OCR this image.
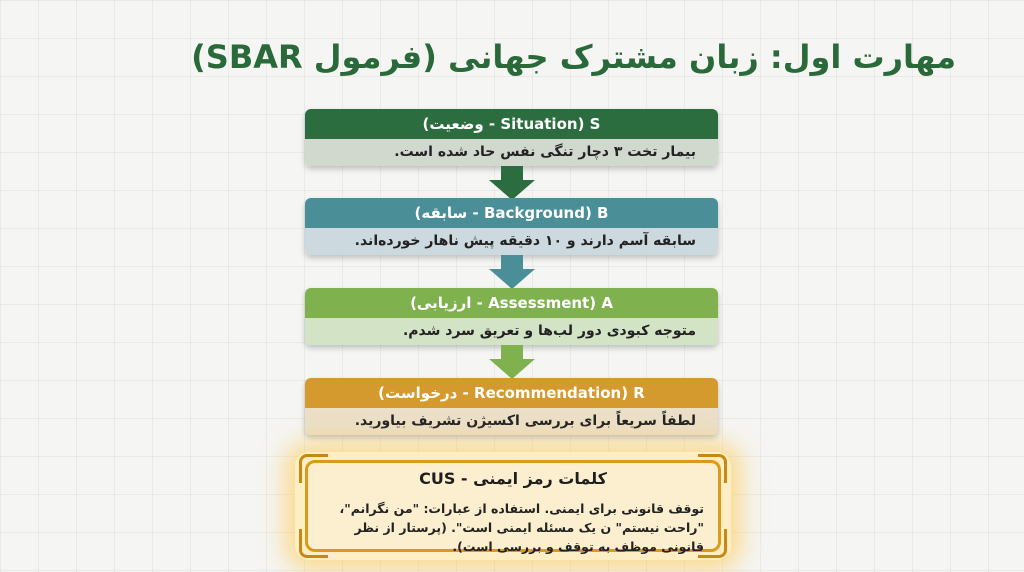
مهارت اول: زبان مشترک جهانی (فرمول SBAR)
S (Situation - وضعیت)
بیمار تخت ۳ دچار تنگی نفس حاد شده است.
B (Background - سابقه)
سابقه آسم دارند و ۱۰ دقیقه پیش ناهار خورده‌اند.
A (Assessment - ارزیابی)
متوجه کبودی دور لب‌ها و تعریق سرد شدم.
R (Recommendation - درخواست)
لطفاً سریعاً برای بررسی اکسیژن تشریف بیاورید.
کلمات رمز ایمنی - CUS
توقف قانونی برای ایمنی. استفاده از عبارات: "من نگرانم"، "راحت نیستم" ن یک مسئله ایمنی است". (پرستار از نظر قانونی موظف به توقف و بررسی است).
